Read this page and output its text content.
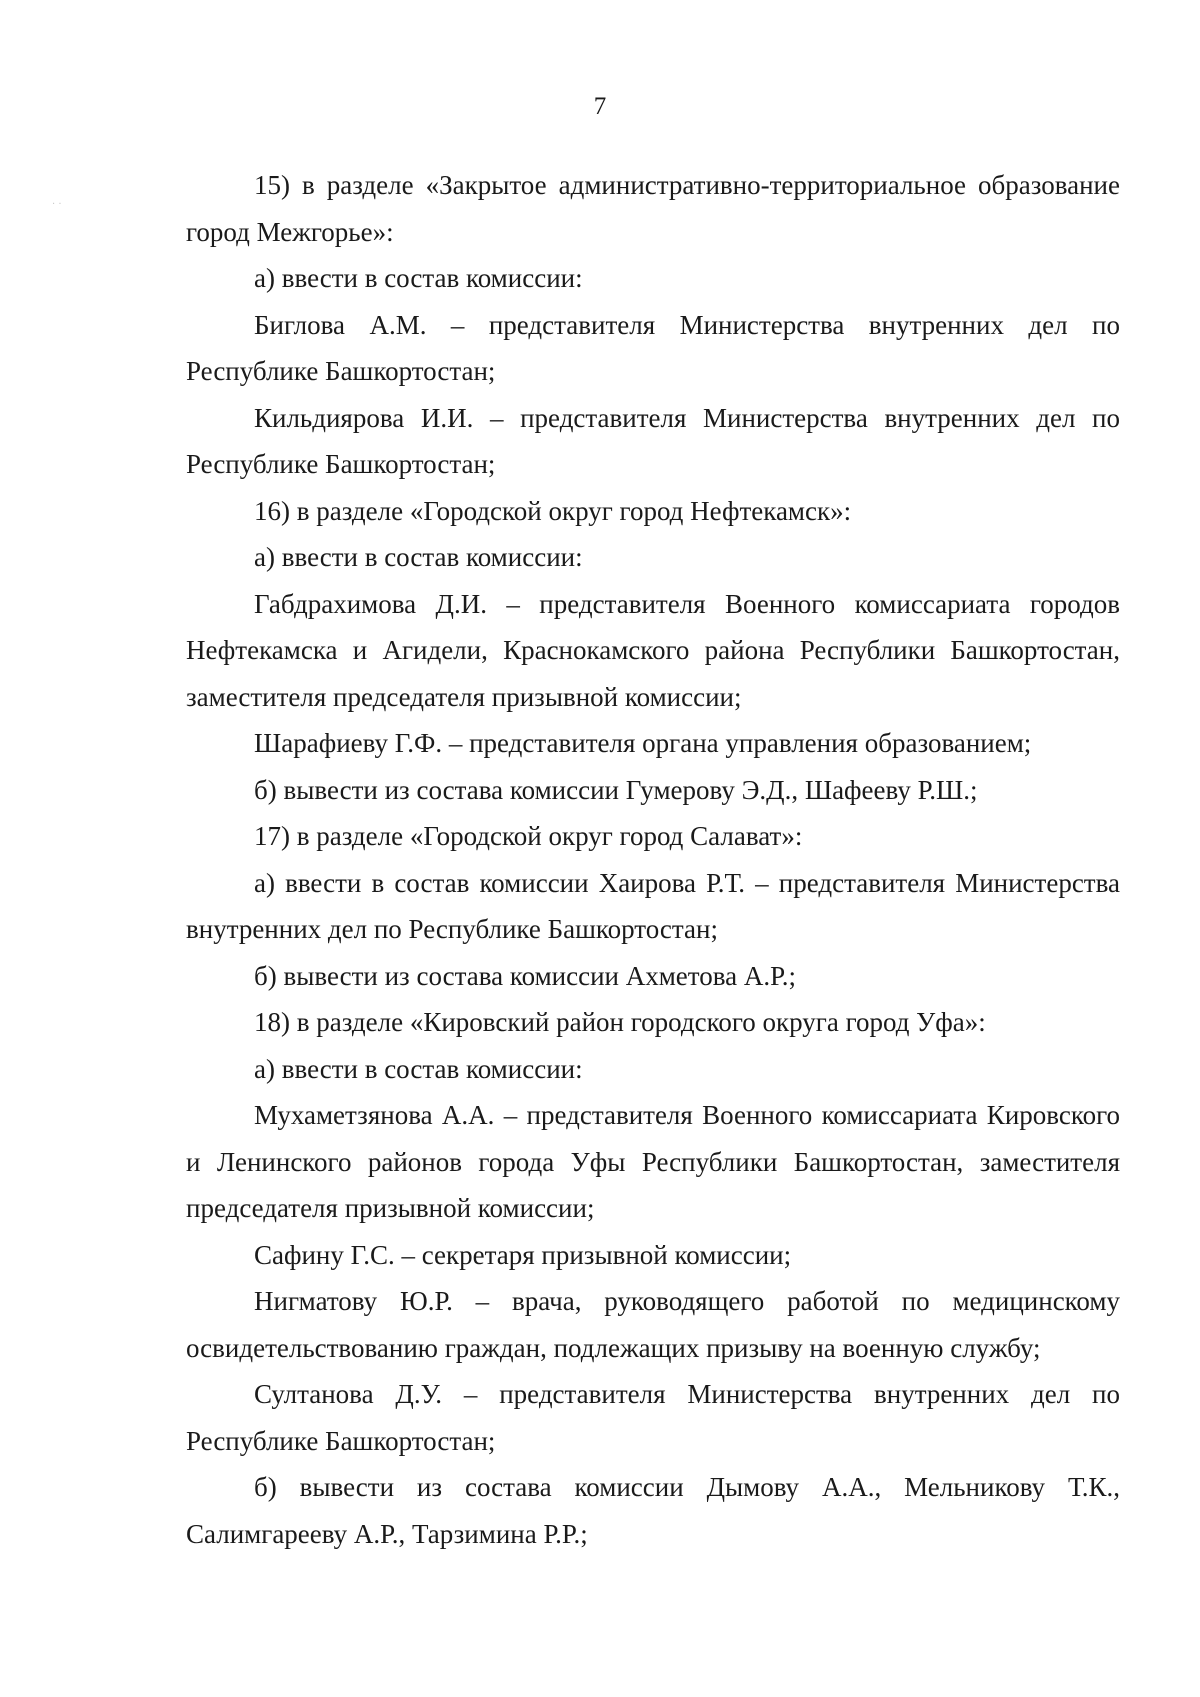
7
· ·

15) в разделе «Закрытое административно-территориальное образование город Межгорье»:

а) ввести в состав комиссии:

Биглова А.М. – представителя Министерства внутренних дел по Республике Башкортостан;

Кильдиярова И.И. – представителя Министерства внутренних дел по Республике Башкортостан;

16) в разделе «Городской округ город Нефтекамск»:

а) ввести в состав комиссии:

Габдрахимова Д.И. – представителя Военного комиссариата городов Нефтекамска и Агидели, Краснокамского района Республики Башкортостан, заместителя председателя призывной комиссии;

Шарафиеву Г.Ф. – представителя органа управления образованием;

б) вывести из состава комиссии Гумерову Э.Д., Шафееву Р.Ш.;

17) в разделе «Городской округ город Салават»:

а) ввести в состав комиссии Хаирова Р.Т. – представителя Министерства внутренних дел по Республике Башкортостан;

б) вывести из состава комиссии Ахметова А.Р.;

18) в разделе «Кировский район городского округа город Уфа»:

а) ввести в состав комиссии:

Мухаметзянова А.А. – представителя Военного комиссариата Кировского и Ленинского районов города Уфы Республики Башкортостан, заместителя председателя призывной комиссии;

Сафину Г.С. – секретаря призывной комиссии;

Нигматову Ю.Р. – врача, руководящего работой по медицинскому освидетельствованию граждан, подлежащих призыву на военную службу;

Султанова Д.У. – представителя Министерства внутренних дел по Республике Башкортостан;

б) вывести из состава комиссии Дымову А.А., Мельникову Т.К., Салимгарееву А.Р., Тарзимина Р.Р.;
